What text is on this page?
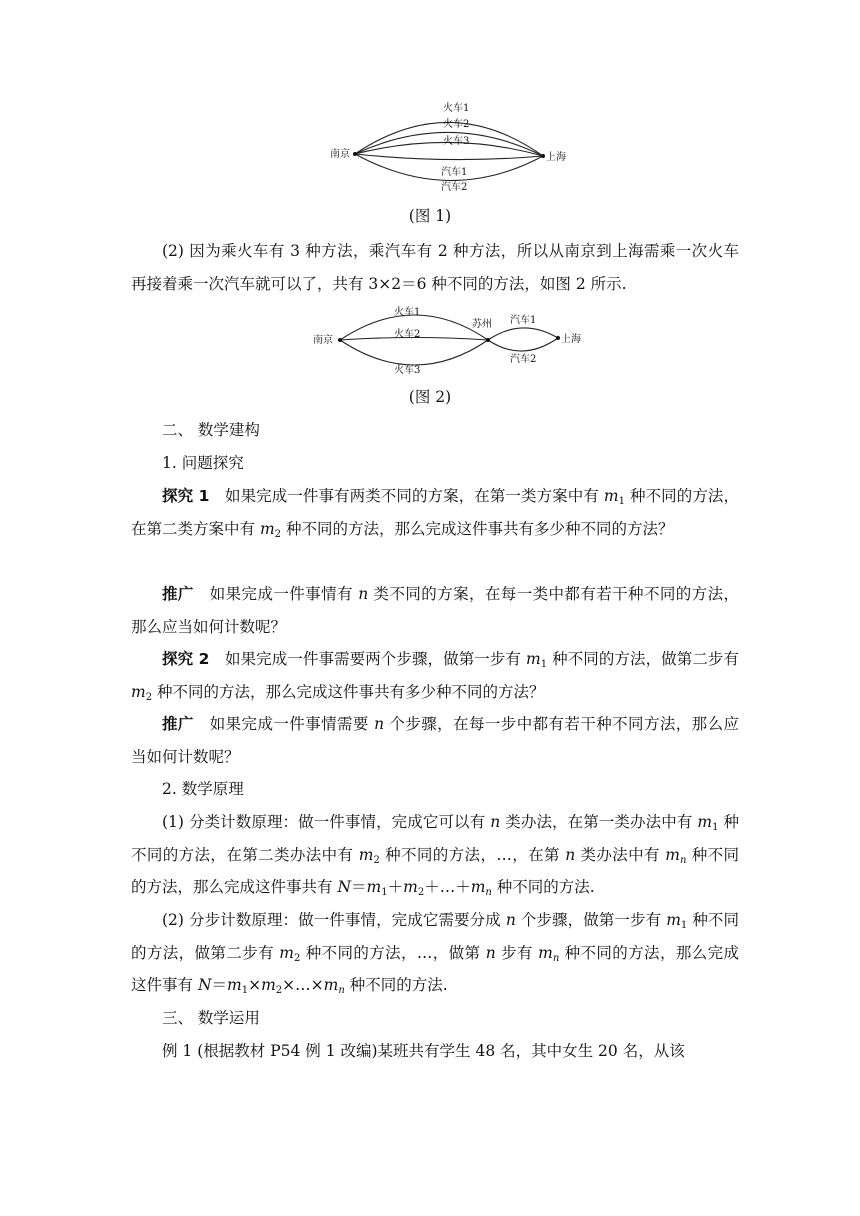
南京	上海
火车1
火车2
火车3
汽车1
汽车2
(图 1)
(2) 因为乘火车有 3 种方法，乘汽车有 2 种方法，所以从南京到上海需乘一次火车再接着乘一次汽车就可以了，共有 3×2＝6 种不同的方法，如图 2 所示.
南京
苏州
上海
火车1
火车2
火车3
汽车1
汽车2
(图 2)
二、 数学建构
1. 问题探究
探究 1 如果完成一件事有两类不同的方案，在第一类方案中有 $m_1$ 种不同的方法，在第二类方案中有 $m_2$ 种不同的方法，那么完成这件事共有多少种不同的方法？
推广 如果完成一件事情有 n 类不同的方案，在每一类中都有若干种不同的方法，那么应当如何计数呢？
探究 2 如果完成一件事需要两个步骤，做第一步有 $m_1$ 种不同的方法，做第二步有 $m_2$ 种不同的方法，那么完成这件事共有多少种不同的方法？
推广 如果完成一件事情需要 n 个步骤，在每一步中都有若干种不同方法，那么应当如何计数呢？
2. 数学原理
(1) 分类计数原理：做一件事情，完成它可以有 n 类办法，在第一类办法中有 $m_1$ 种不同的方法，在第二类办法中有 $m_2$ 种不同的方法，…，在第 n 类办法中有 $m_n$ 种不同的方法，那么完成这件事共有 $N=m_1+m_2+\dots+m_n$ 种不同的方法.
(2) 分步计数原理：做一件事情，完成它需要分成 n 个步骤，做第一步有 $m_1$ 种不同的方法，做第二步有 $m_2$ 种不同的方法，…，做第 n 步有 $m_n$ 种不同的方法，那么完成这件事有 $N=m_1\times m_2\times\dots\times m_n$ 种不同的方法.
三、 数学运用
例 1 (根据教材 P54 例 1 改编)某班共有学生 48 名，其中女生 20 名，从该
